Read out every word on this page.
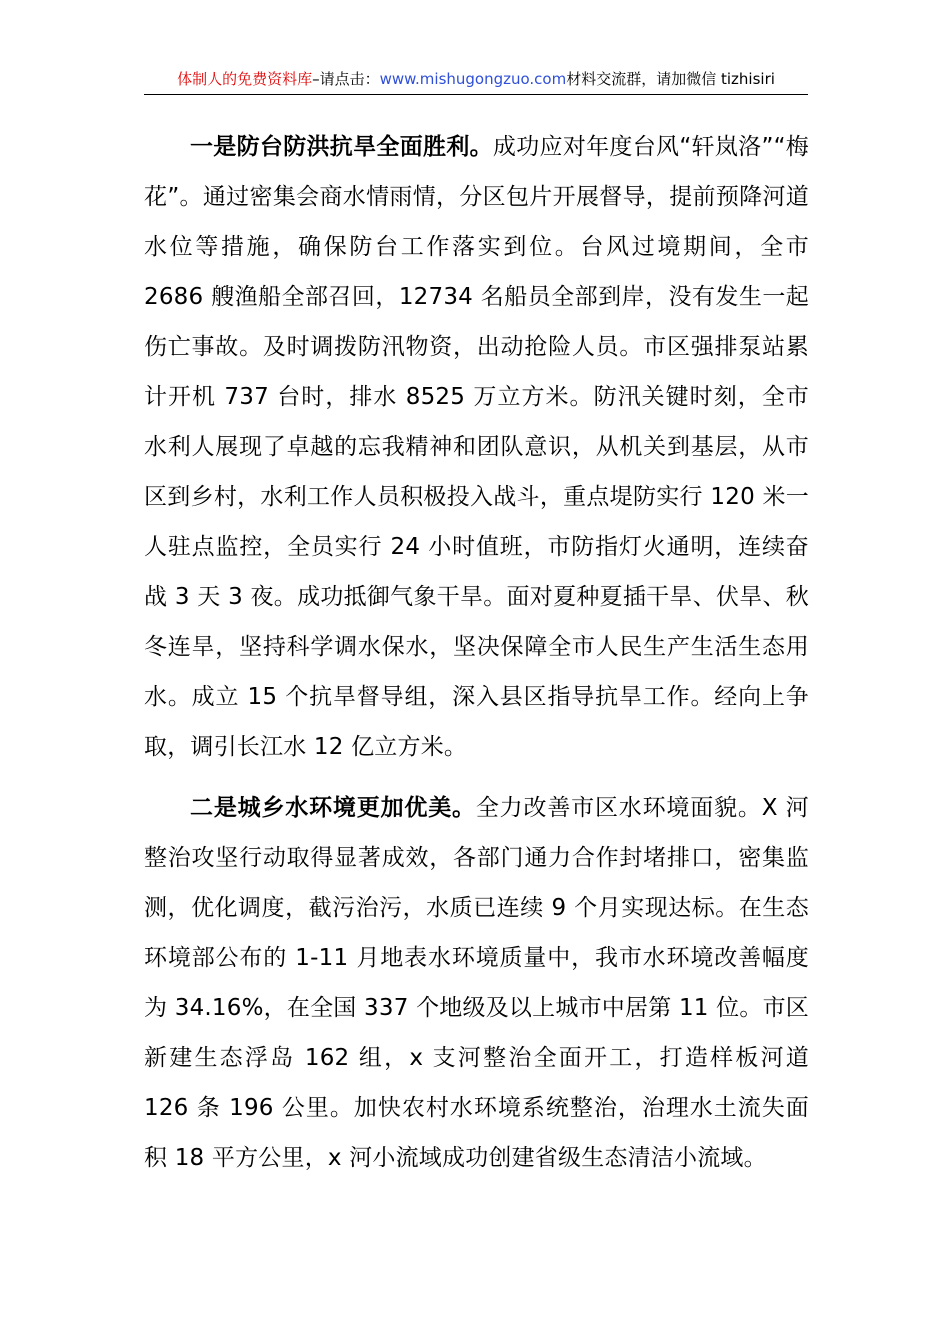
体制人的免费资料库–请点击：www.mishugongzuo.com材料交流群，请加微信 tizhisiri

一是防台防洪抗旱全面胜利。成功应对年度台风“轩岚洛”“梅花”。通过密集会商水情雨情，分区包片开展督导，提前预降河道水位等措施，确保防台工作落实到位。台风过境期间，全市 2686 艘渔船全部召回，12734 名船员全部到岸，没有发生一起伤亡事故。及时调拨防汛物资，出动抢险人员。市区强排泵站累计开机 737 台时，排水 8525 万立方米。防汛关键时刻，全市水利人展现了卓越的忘我精神和团队意识，从机关到基层，从市区到乡村，水利工作人员积极投入战斗，重点堤防实行 120 米一人驻点监控，全员实行 24 小时值班，市防指灯火通明，连续奋战 3 天 3 夜。成功抵御气象干旱。面对夏种夏插干旱、伏旱、秋冬连旱，坚持科学调水保水，坚决保障全市人民生产生活生态用水。成立 15 个抗旱督导组，深入县区指导抗旱工作。经向上争取，调引长江水 12 亿立方米。

二是城乡水环境更加优美。全力改善市区水环境面貌。X 河整治攻坚行动取得显著成效，各部门通力合作封堵排口，密集监测，优化调度，截污治污，水质已连续 9 个月实现达标。在生态环境部公布的 1-11 月地表水环境质量中，我市水环境改善幅度为 34.16%，在全国 337 个地级及以上城市中居第 11 位。市区新建生态浮岛 162 组，x 支河整治全面开工，打造样板河道 126 条 196 公里。加快农村水环境系统整治，治理水土流失面积 18 平方公里，x 河小流域成功创建省级生态清洁小流域。
